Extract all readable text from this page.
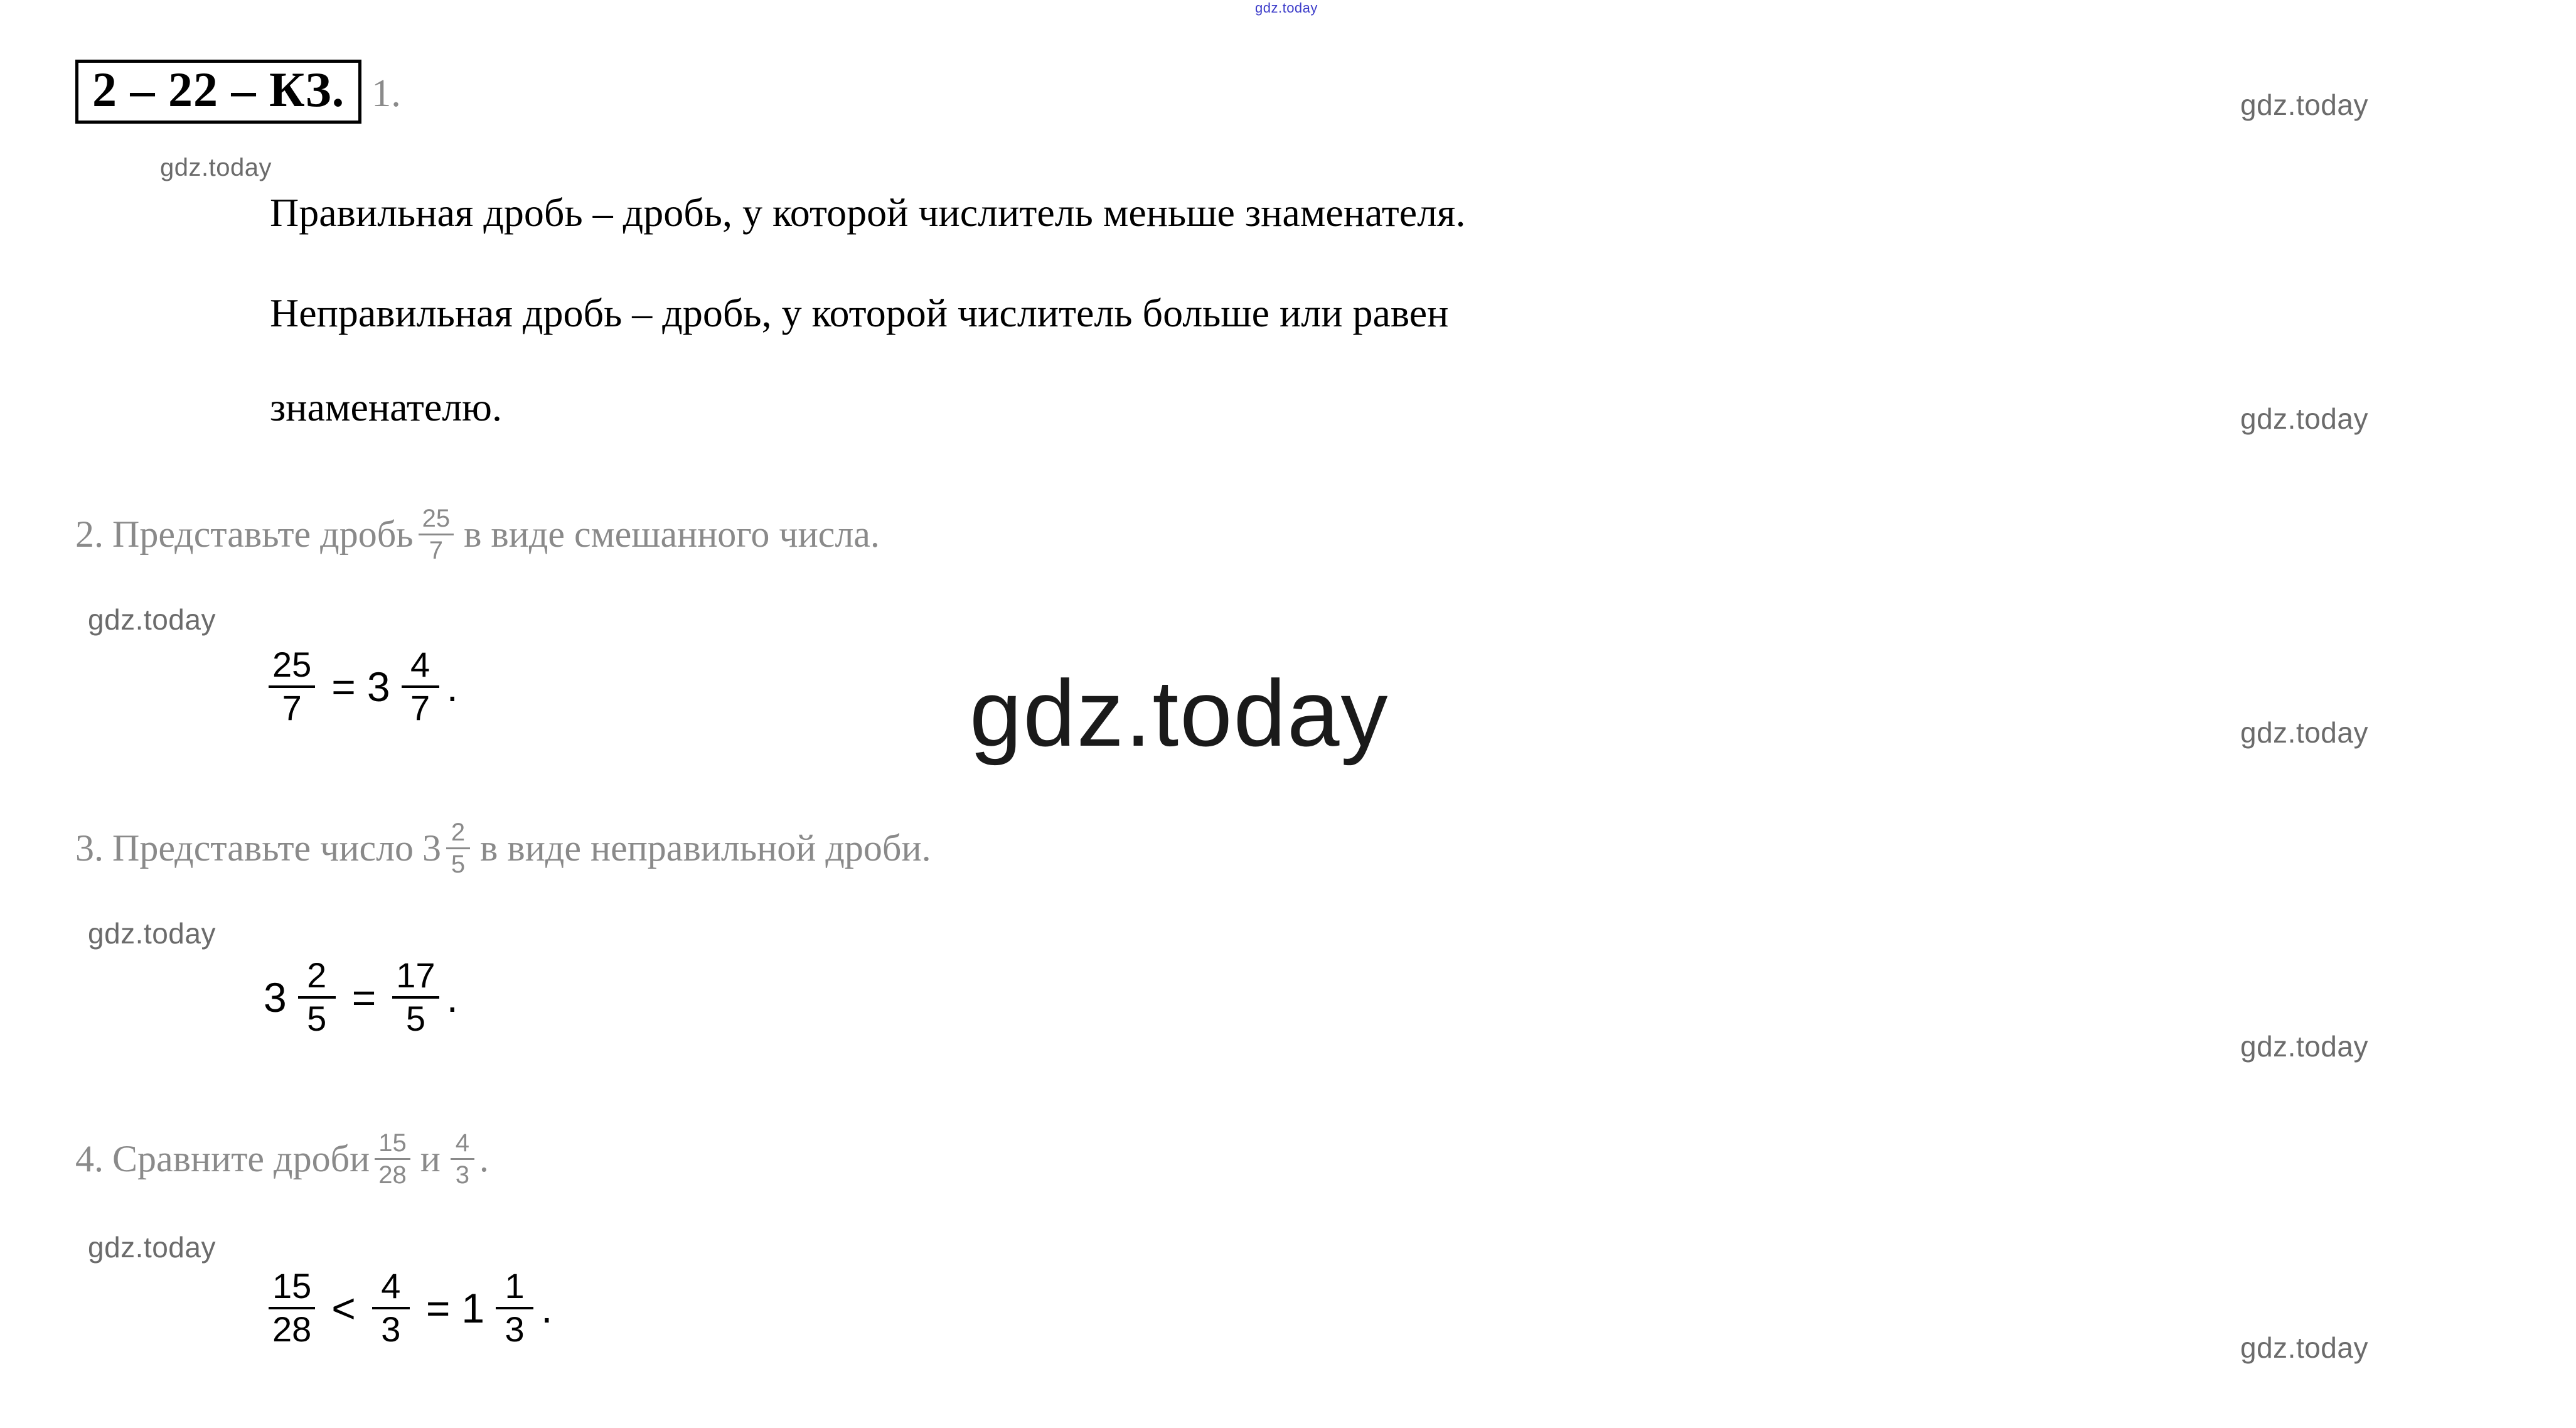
gdz.today
gdz.today
gdz.today
gdz.today
gdz.today
gdz.today
gdz.today
gdz.today
gdz.today
gdz.today
gdz.today
2 – 22 – КЗ. 1.
Правильная дробь – дробь, у которой числитель меньше знаменателя.
Неправильная дробь – дробь, у которой числитель больше или равен
знаменателю.
2. Представьте дробь $\frac{25}{7}$ в виде смешанного числа.
$\frac{25}{7} = 3 \frac{4}{7}$ .
3. Представьте число $3 \frac{2}{5}$ в виде неправильной дроби.
$3 \frac{2}{5} = \frac{17}{5}$ .
4. Сравните дроби $\frac{15}{28}$ и $\frac{4}{3}$ .
$\frac{15}{28} < \frac{4}{3} = 1 \frac{1}{3}$ .
